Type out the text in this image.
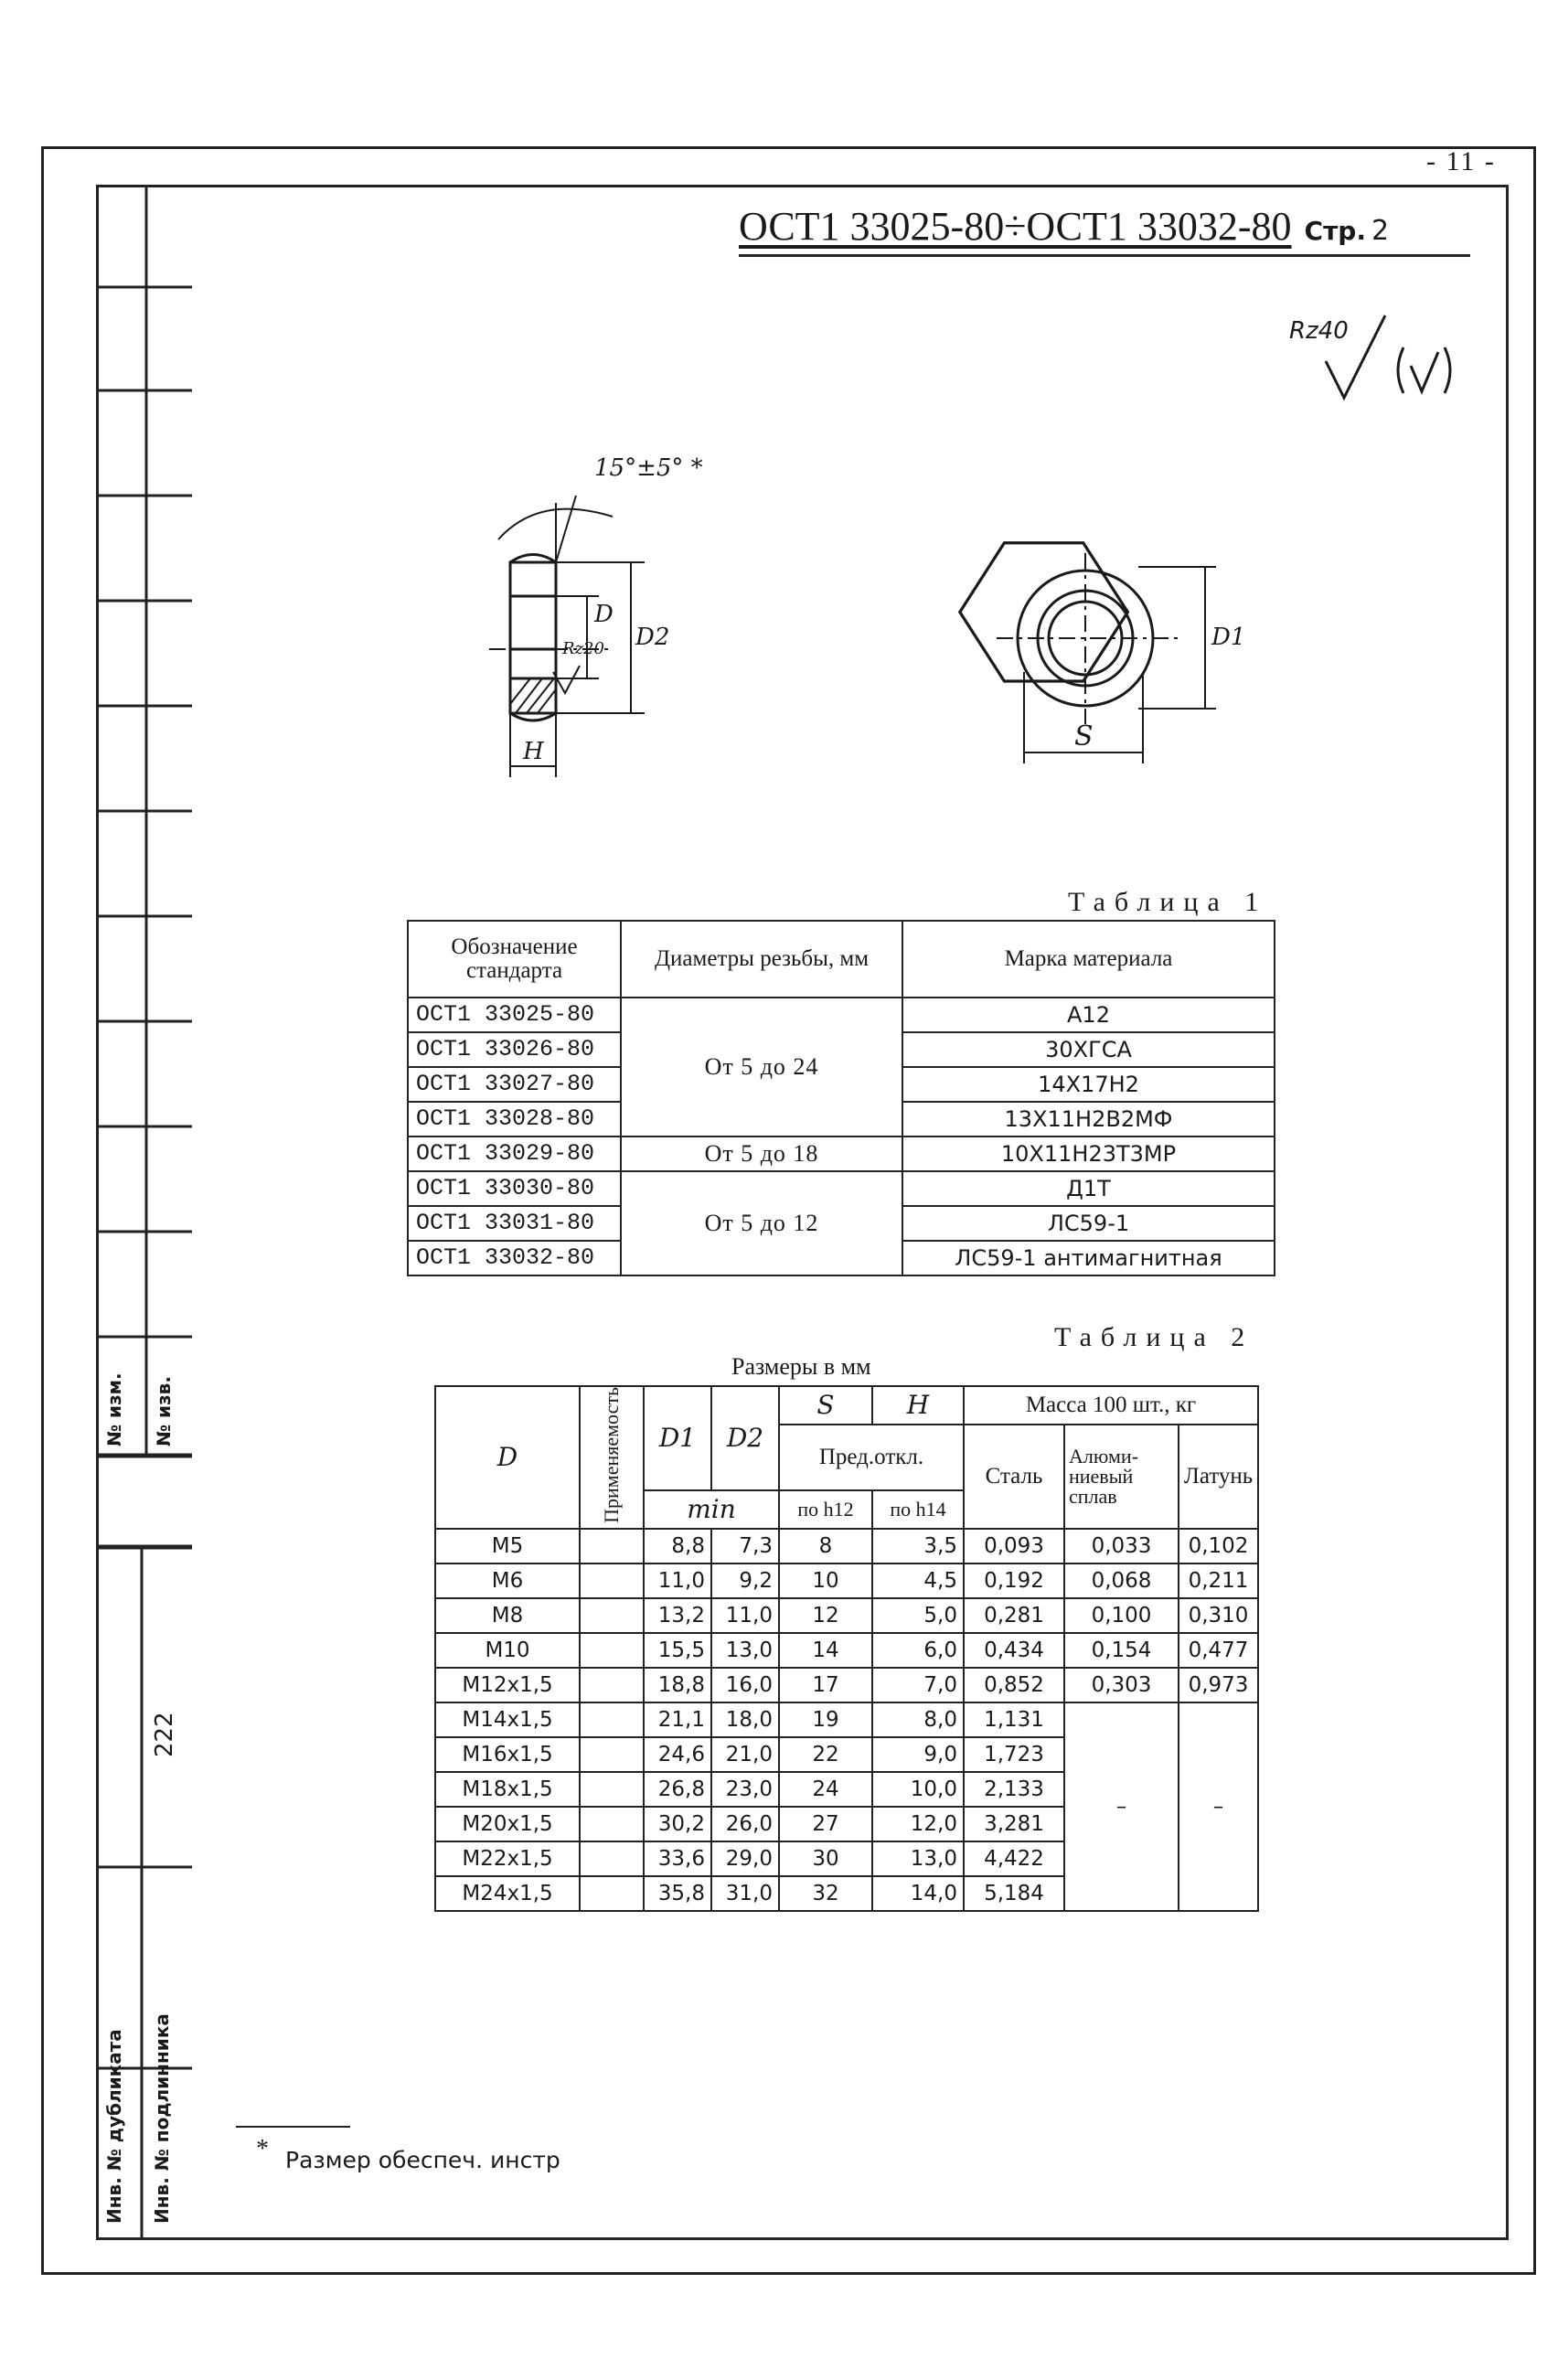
- 11 -
№ изм. № изв.
222
Инв. № дубликата Инв. № подлинника
ОСТ1 33025-80÷ОСТ1 33032-80 Стр. 2
Rz40
15°±5° *
Rz20
D
D2
H
D1
S
Таблица 1
Обозначение стандарта	Диаметры резьбы, мм	Марка материала
ОСТ1 33025-80	От 5 до 24	А12
ОСТ1 33026-80		30ХГСА
ОСТ1 33027-80		14Х17Н2
ОСТ1 33028-80		13Х11Н2В2МФ
ОСТ1 33029-80	От 5 до 18	10Х11Н23Т3МР
ОСТ1 33030-80	От 5 до 12	Д1Т
ОСТ1 33031-80		ЛС59-1
ОСТ1 33032-80		ЛС59-1 антимагнитная
Таблица 2
Размеры в мм
D	Применяемость	D1	D2	S	H	Масса 100 шт., кг		
				Пред.откл.		Сталь	Алюми-ниевый сплав	Латунь
		min		по h12	по h14			
М5		8,8	7,3	8	3,5	0,093	0,033	0,102
М6		11,0	9,2	10	4,5	0,192	0,068	0,211
М8		13,2	11,0	12	5,0	0,281	0,100	0,310
М10		15,5	13,0	14	6,0	0,434	0,154	0,477
М12х1,5		18,8	16,0	17	7,0	0,852	0,303	0,973
М14х1,5		21,1	18,0	19	8,0	1,131	–	–
М16х1,5		24,6	21,0	22	9,0	1,723		
М18х1,5		26,8	23,0	24	10,0	2,133		
М20х1,5		30,2	26,0	27	12,0	3,281		
М22х1,5		33,6	29,0	30	13,0	4,422		
М24х1,5		35,8	31,0	32	14,0	5,184		
* Размер обеспеч. инстр
